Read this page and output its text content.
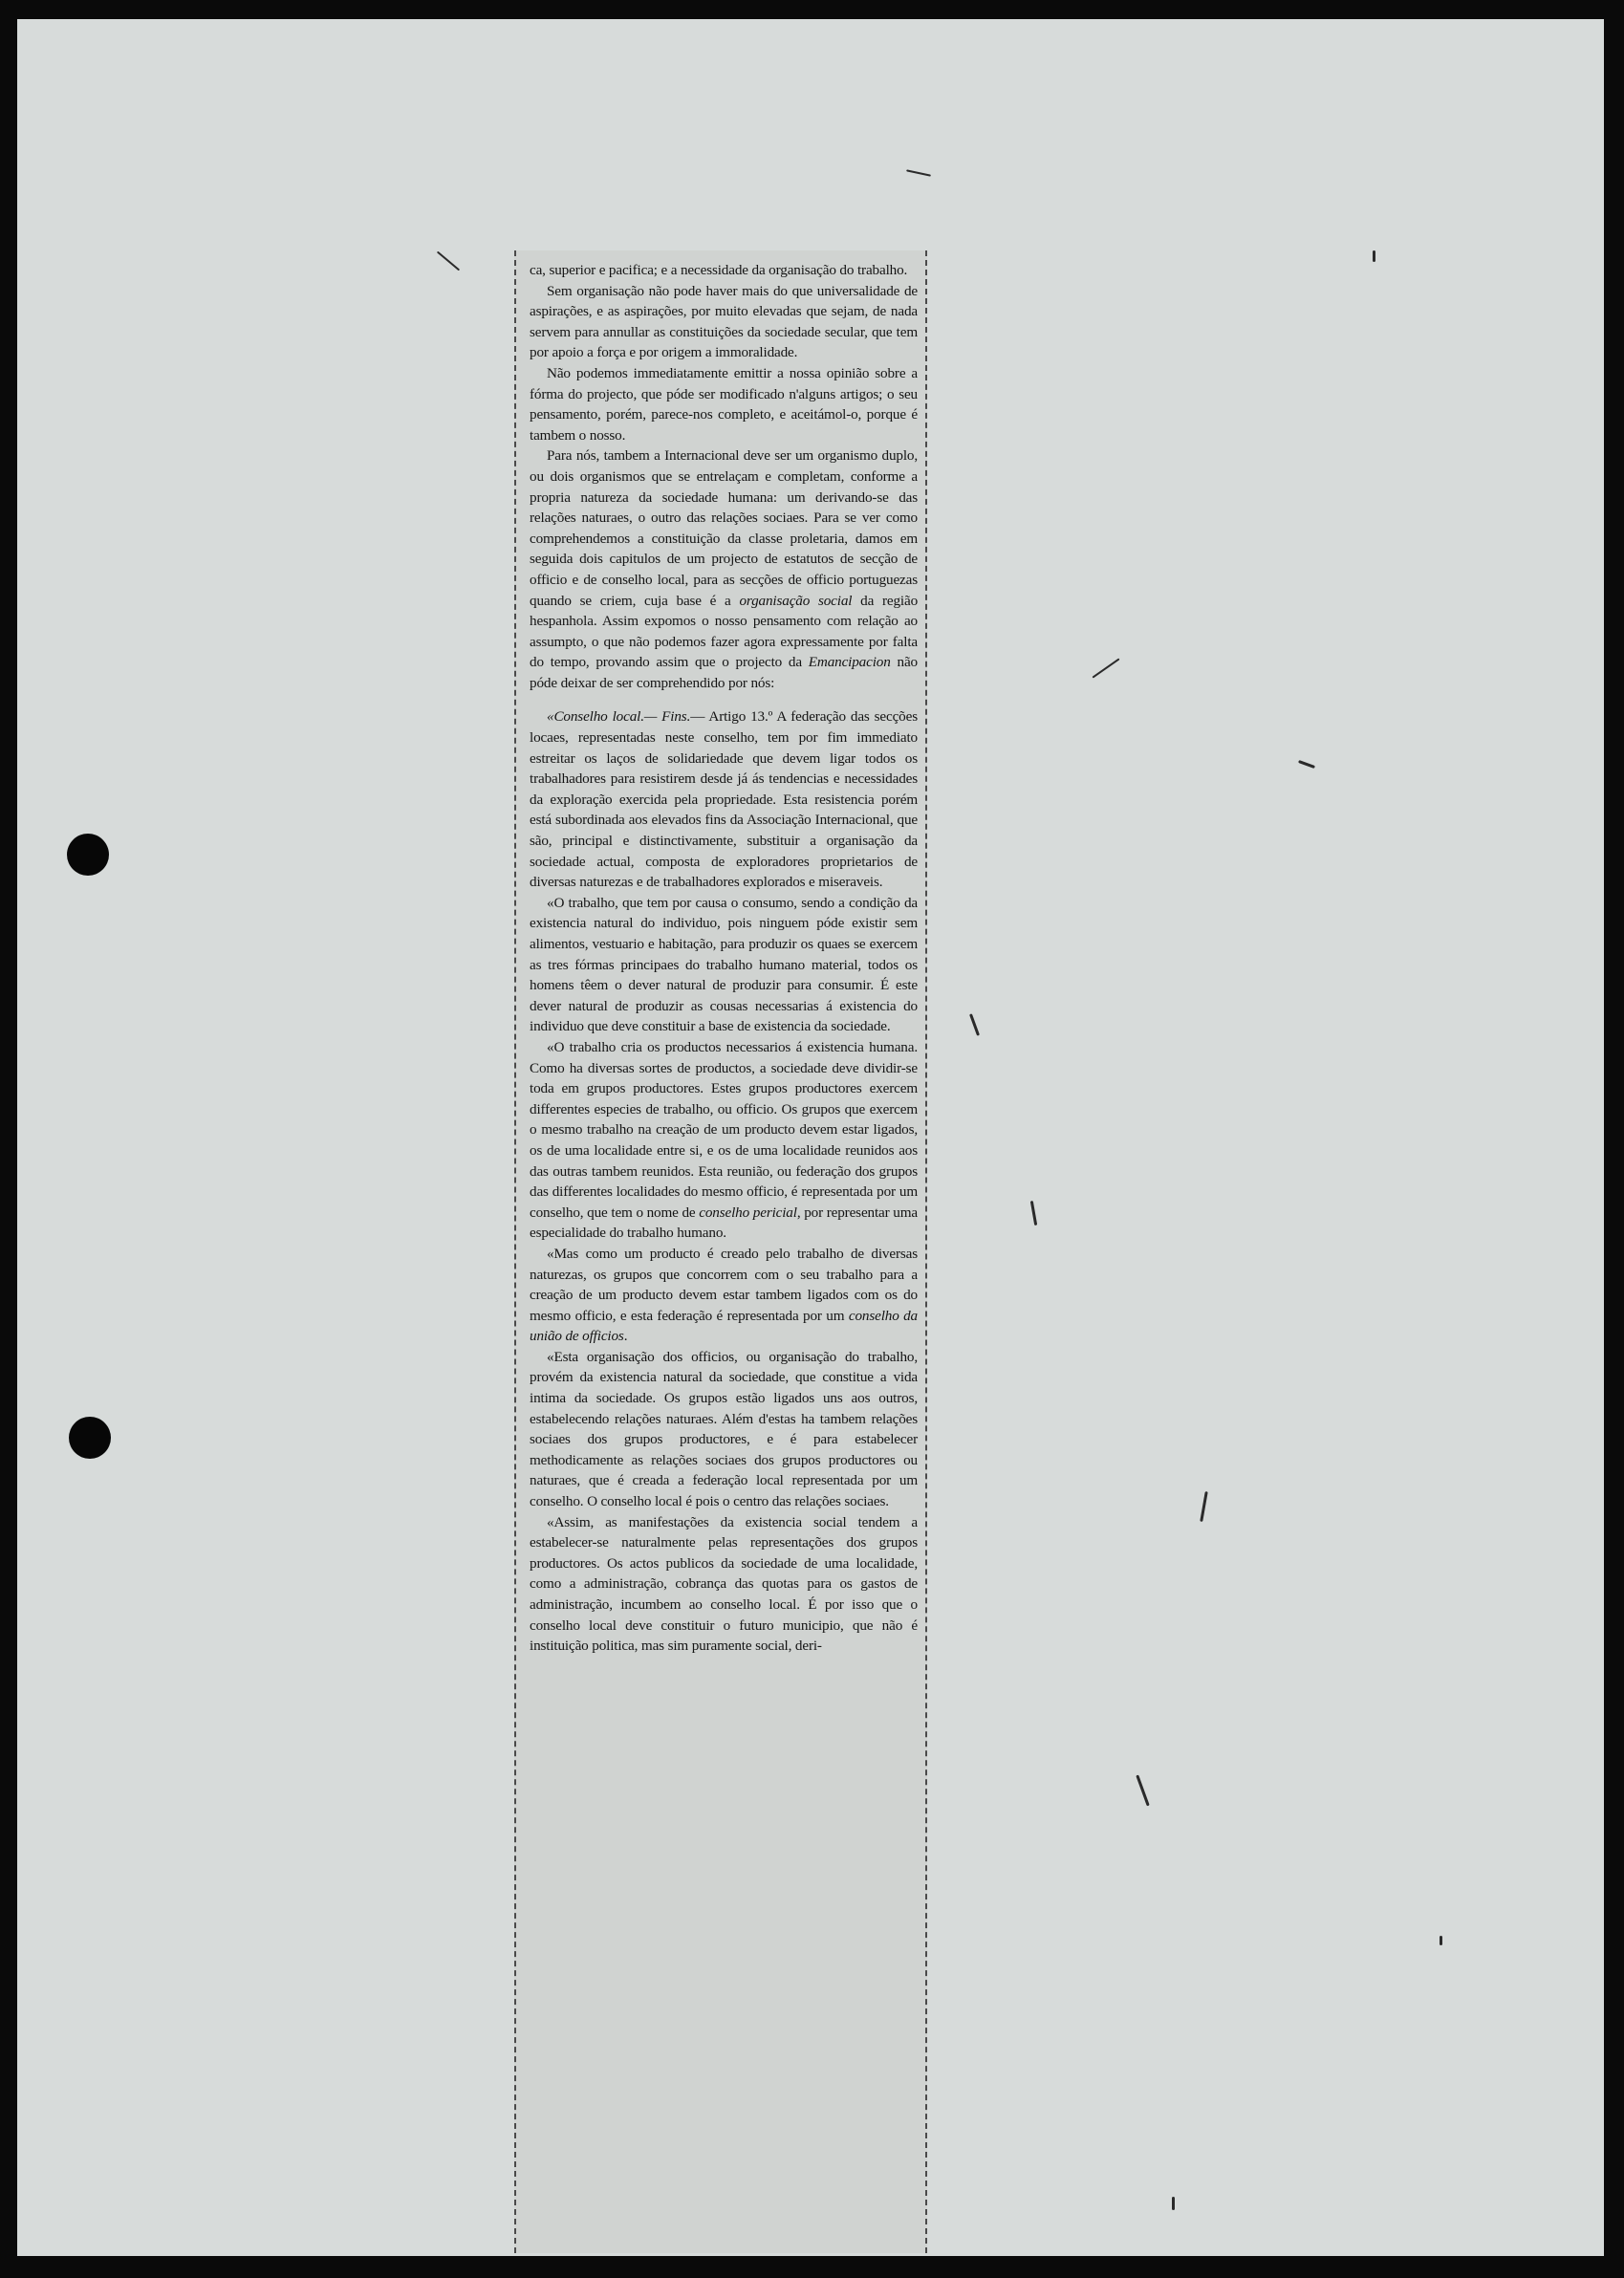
ca, superior e pacifica; e a necessidade da organisação do trabalho.

Sem organisação não pode haver mais do que universalidade de aspirações, e as aspirações, por muito elevadas que sejam, de nada servem para annullar as constituições da sociedade secular, que tem por apoio a força e por origem a immoralidade.

Não podemos immediatamente emittir a nossa opinião sobre a fórma do projecto, que póde ser modificado n'alguns artigos; o seu pensamento, porém, parece-nos completo, e aceitámol-o, porque é tambem o nosso.

Para nós, tambem a Internacional deve ser um organismo duplo, ou dois organismos que se entrelaçam e completam, conforme a propria natureza da sociedade humana: um derivando-se das relações naturaes, o outro das relações sociaes. Para se ver como comprehendemos a constituição da classe proletaria, damos em seguida dois capitulos de um projecto de estatutos de secção de officio e de conselho local, para as secções de officio portuguezas quando se criem, cuja base é a organisação social da região hespanhola. Assim expomos o nosso pensamento com relação ao assumpto, o que não podemos fazer agora expressamente por falta do tempo, provando assim que o projecto da Emancipacion não póde deixar de ser comprehendido por nós:

«Conselho local.— Fins.— Artigo 13.º A federação das secções locaes, representadas neste conselho, tem por fim immediato estreitar os laços de solidariedade que devem ligar todos os trabalhadores para resistirem desde já ás tendencias e necessidades da exploração exercida pela propriedade. Esta resistencia porém está subordinada aos elevados fins da Associação Internacional, que são, principal e distinctivamente, substituir a organisação da sociedade actual, composta de exploradores proprietarios de diversas naturezas e de trabalhadores explorados e miseraveis.

«O trabalho, que tem por causa o consumo, sendo a condição da existencia natural do individuo, pois ninguem póde existir sem alimentos, vestuario e habitação, para produzir os quaes se exercem as tres fórmas principaes do trabalho humano material, todos os homens têem o dever natural de produzir para consumir. É este dever natural de produzir as cousas necessarias á existencia do individuo que deve constituir a base de existencia da sociedade.

«O trabalho cria os productos necessarios á existencia humana. Como ha diversas sortes de productos, a sociedade deve dividir-se toda em grupos productores. Estes grupos productores exercem differentes especies de trabalho, ou officio. Os grupos que exercem o mesmo trabalho na creação de um producto devem estar ligados, os de uma localidade entre si, e os de uma localidade reunidos aos das outras tambem reunidos. Esta reunião, ou federação dos grupos das differentes localidades do mesmo officio, é representada por um conselho, que tem o nome de conselho pericial, por representar uma especialidade do trabalho humano.

«Mas como um producto é creado pelo trabalho de diversas naturezas, os grupos que concorrem com o seu trabalho para a creação de um producto devem estar tambem ligados com os do mesmo officio, e esta federação é representada por um conselho da união de officios.

«Esta organisação dos officios, ou organisação do trabalho, provém da existencia natural da sociedade, que constitue a vida intima da sociedade. Os grupos estão ligados uns aos outros, estabelecendo relações naturaes. Além d'estas ha tambem relações sociaes dos grupos productores, e é para estabelecer methodicamente as relações sociaes dos grupos productores ou naturaes, que é creada a federação local representada por um conselho. O conselho local é pois o centro das relações sociaes.

«Assim, as manifestações da existencia social tendem a estabelecer-se naturalmente pelas representações dos grupos productores. Os actos publicos da sociedade de uma localidade, como a administração, cobrança das quotas para os gastos de administração, incumbem ao conselho local. É por isso que o conselho local deve constituir o futuro municipio, que não é instituição politica, mas sim puramente social, deri-
